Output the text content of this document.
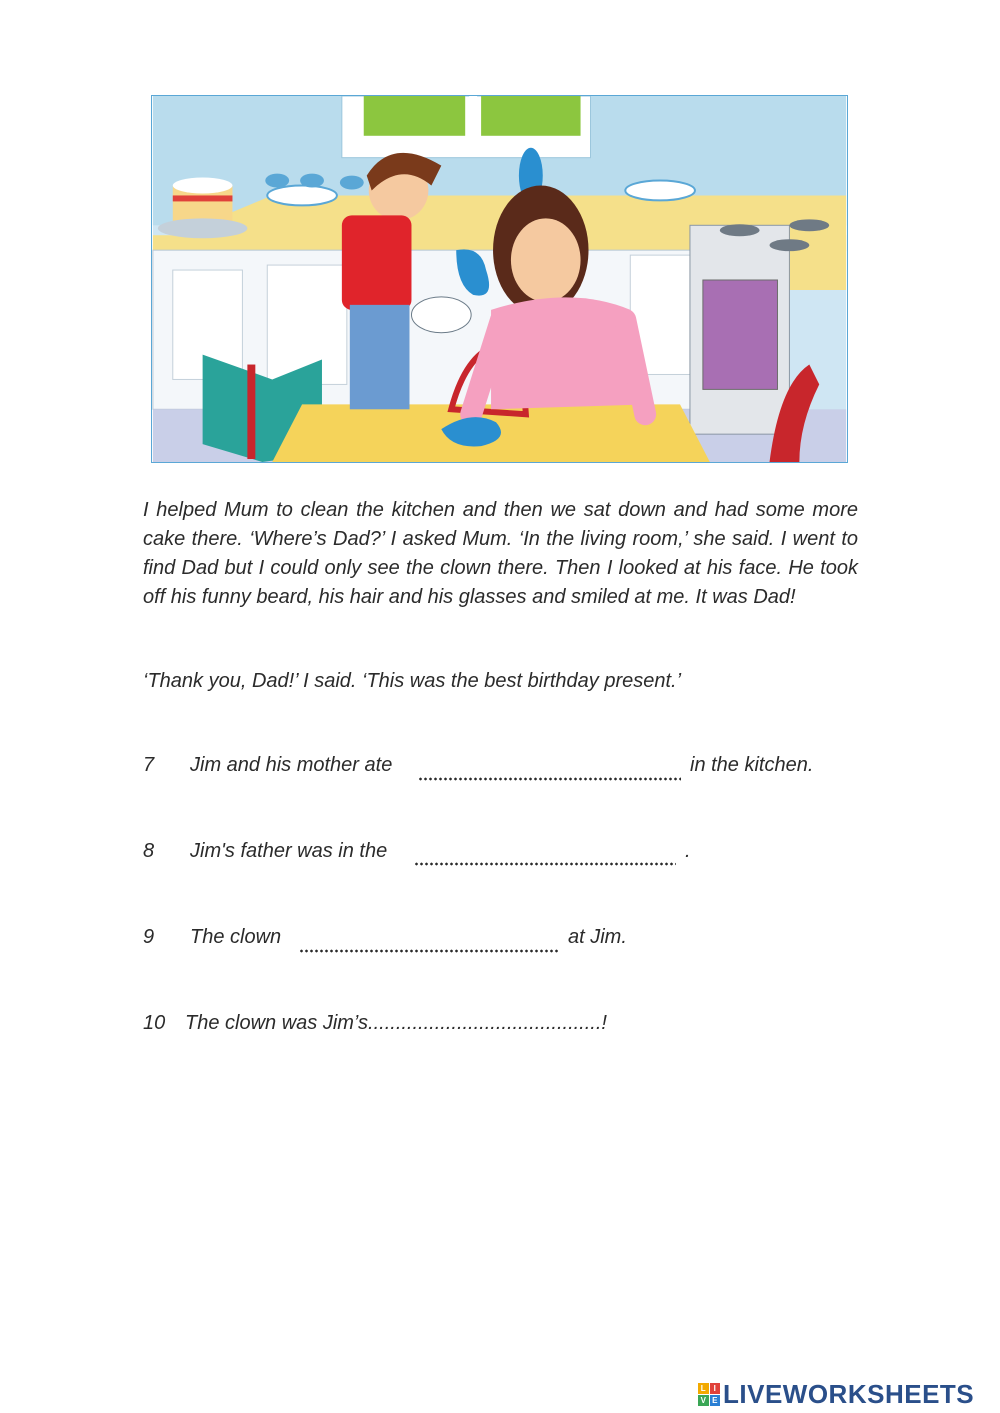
I helped Mum to clean the kitchen and then we sat down and had some more cake there. ‘Where’s Dad?’ I asked Mum. ‘In the living room,’ she said. I went to find Dad but I could only see the clown there. Then I looked at his face. He took off his funny beard, his hair and his glasses and smiled at me. It was Dad!

‘Thank you, Dad!’ I said. ‘This was the best birthday present.’

7 Jim and his mother ate	in the kitchen.
8 Jim's father was in the	.
9 The clown	at Jim.
10 The clown was Jim’s..........................................!
L I
V E LIVEWORKSHEETS
